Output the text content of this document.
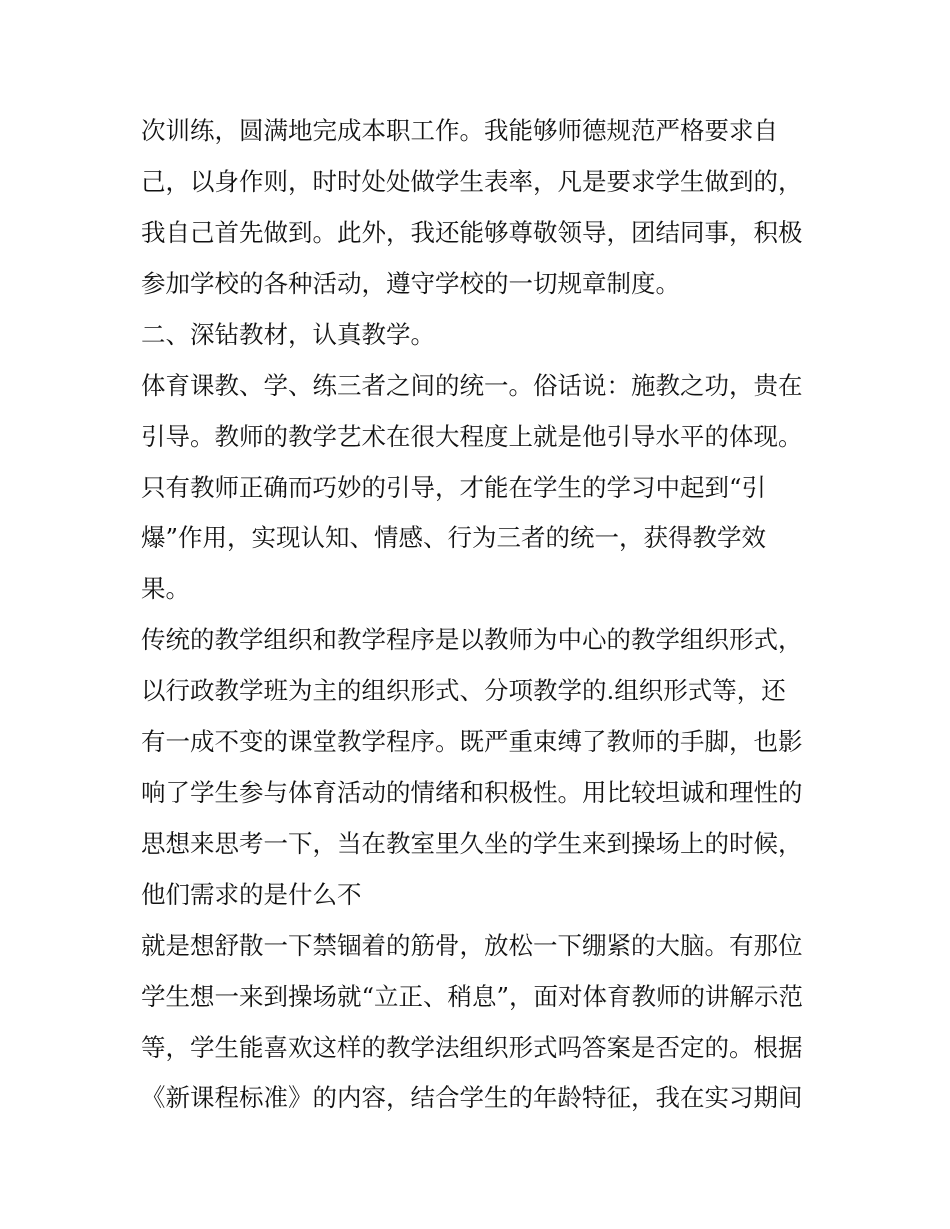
次训练，圆满地完成本职工作。我能够师德规范严格要求自

己，以身作则，时时处处做学生表率，凡是要求学生做到的，

我自己首先做到。此外，我还能够尊敬领导，团结同事，积极

参加学校的各种活动，遵守学校的一切规章制度。

二、深钻教材，认真教学。

体育课教、学、练三者之间的统一。俗话说：施教之功，贵在

引导。教师的教学艺术在很大程度上就是他引导水平的体现。

只有教师正确而巧妙的引导，才能在学生的学习中起到“引

爆”作用，实现认知、情感、行为三者的统一，获得教学效

果。

传统的教学组织和教学程序是以教师为中心的教学组织形式，

以行政教学班为主的组织形式、分项教学的.组织形式等，还

有一成不变的课堂教学程序。既严重束缚了教师的手脚，也影

响了学生参与体育活动的情绪和积极性。用比较坦诚和理性的

思想来思考一下，当在教室里久坐的学生来到操场上的时候，

他们需求的是什么不

就是想舒散一下禁锢着的筋骨，放松一下绷紧的大脑。有那位

学生想一来到操场就“立正、稍息”，面对体育教师的讲解示范

等，学生能喜欢这样的教学法组织形式吗答案是否定的。根据

《新课程标准》的内容，结合学生的年龄特征，我在实习期间
